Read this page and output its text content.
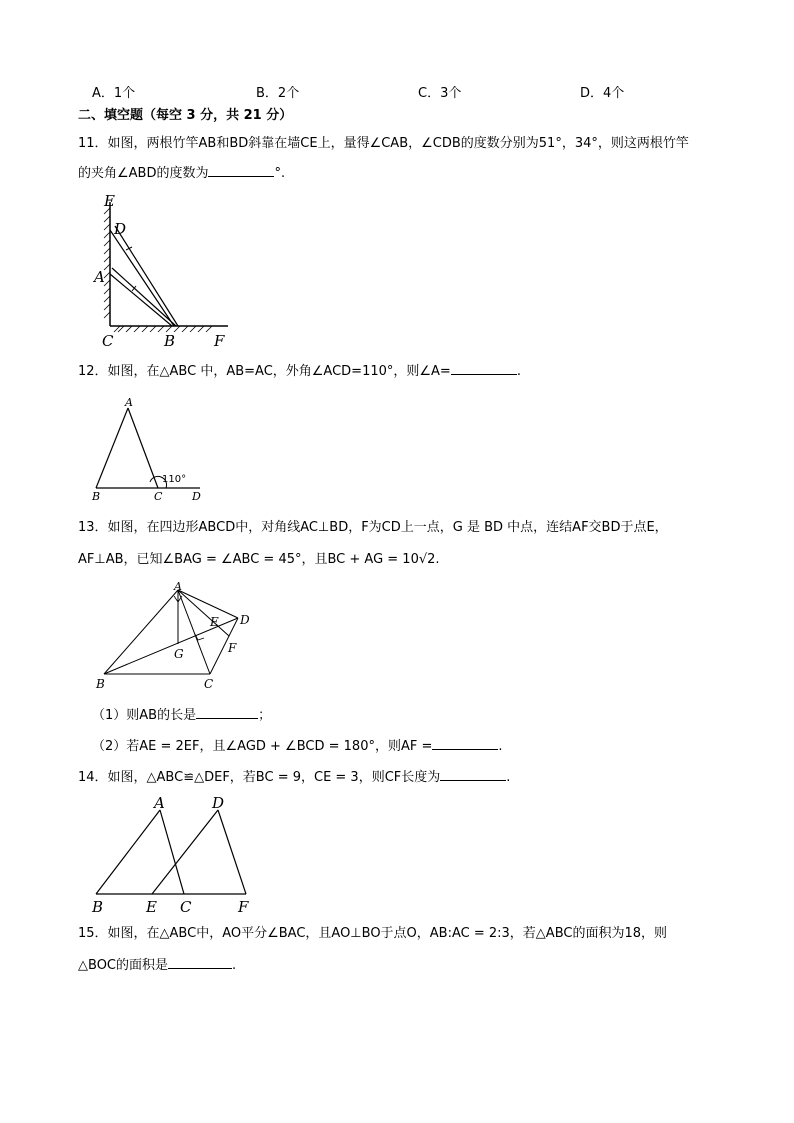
A．1个	B．2个	C．3个	D．4个
二、填空题（每空 3 分，共 21 分）
11．如图，两根竹竿AB和BD斜靠在墙CE上，量得∠CAB，∠CDB的度数分别为51°，34°，则这两根竹竿
的夹角∠ABD的度数为	°.
E
D
A
C	B	F
12．如图，在△ABC 中，AB=AC，外角∠ACD=110°，则∠A=	.
A
B	C	D
110°
13．如图，在四边形ABCD中，对角线AC⊥BD，F为CD上一点，G 是 BD 中点，连结AF交BD于点E，
AF⊥AB，已知∠BAG = ∠ABC = 45°，且BC + AG = 10√2.
A
B	C
D
E
F
G
（1）则AB的长是	；
（2）若AE = 2EF，且∠AGD + ∠BCD = 180°，则AF =	.
14．如图，△ABC≌△DEF，若BC = 9，CE = 3，则CF长度为	.
A	D
B	E C	F
15．如图，在△ABC中，AO平分∠BAC，且AO⊥BO于点O，AB:AC = 2:3，若△ABC的面积为18，则
△BOC的面积是	.
